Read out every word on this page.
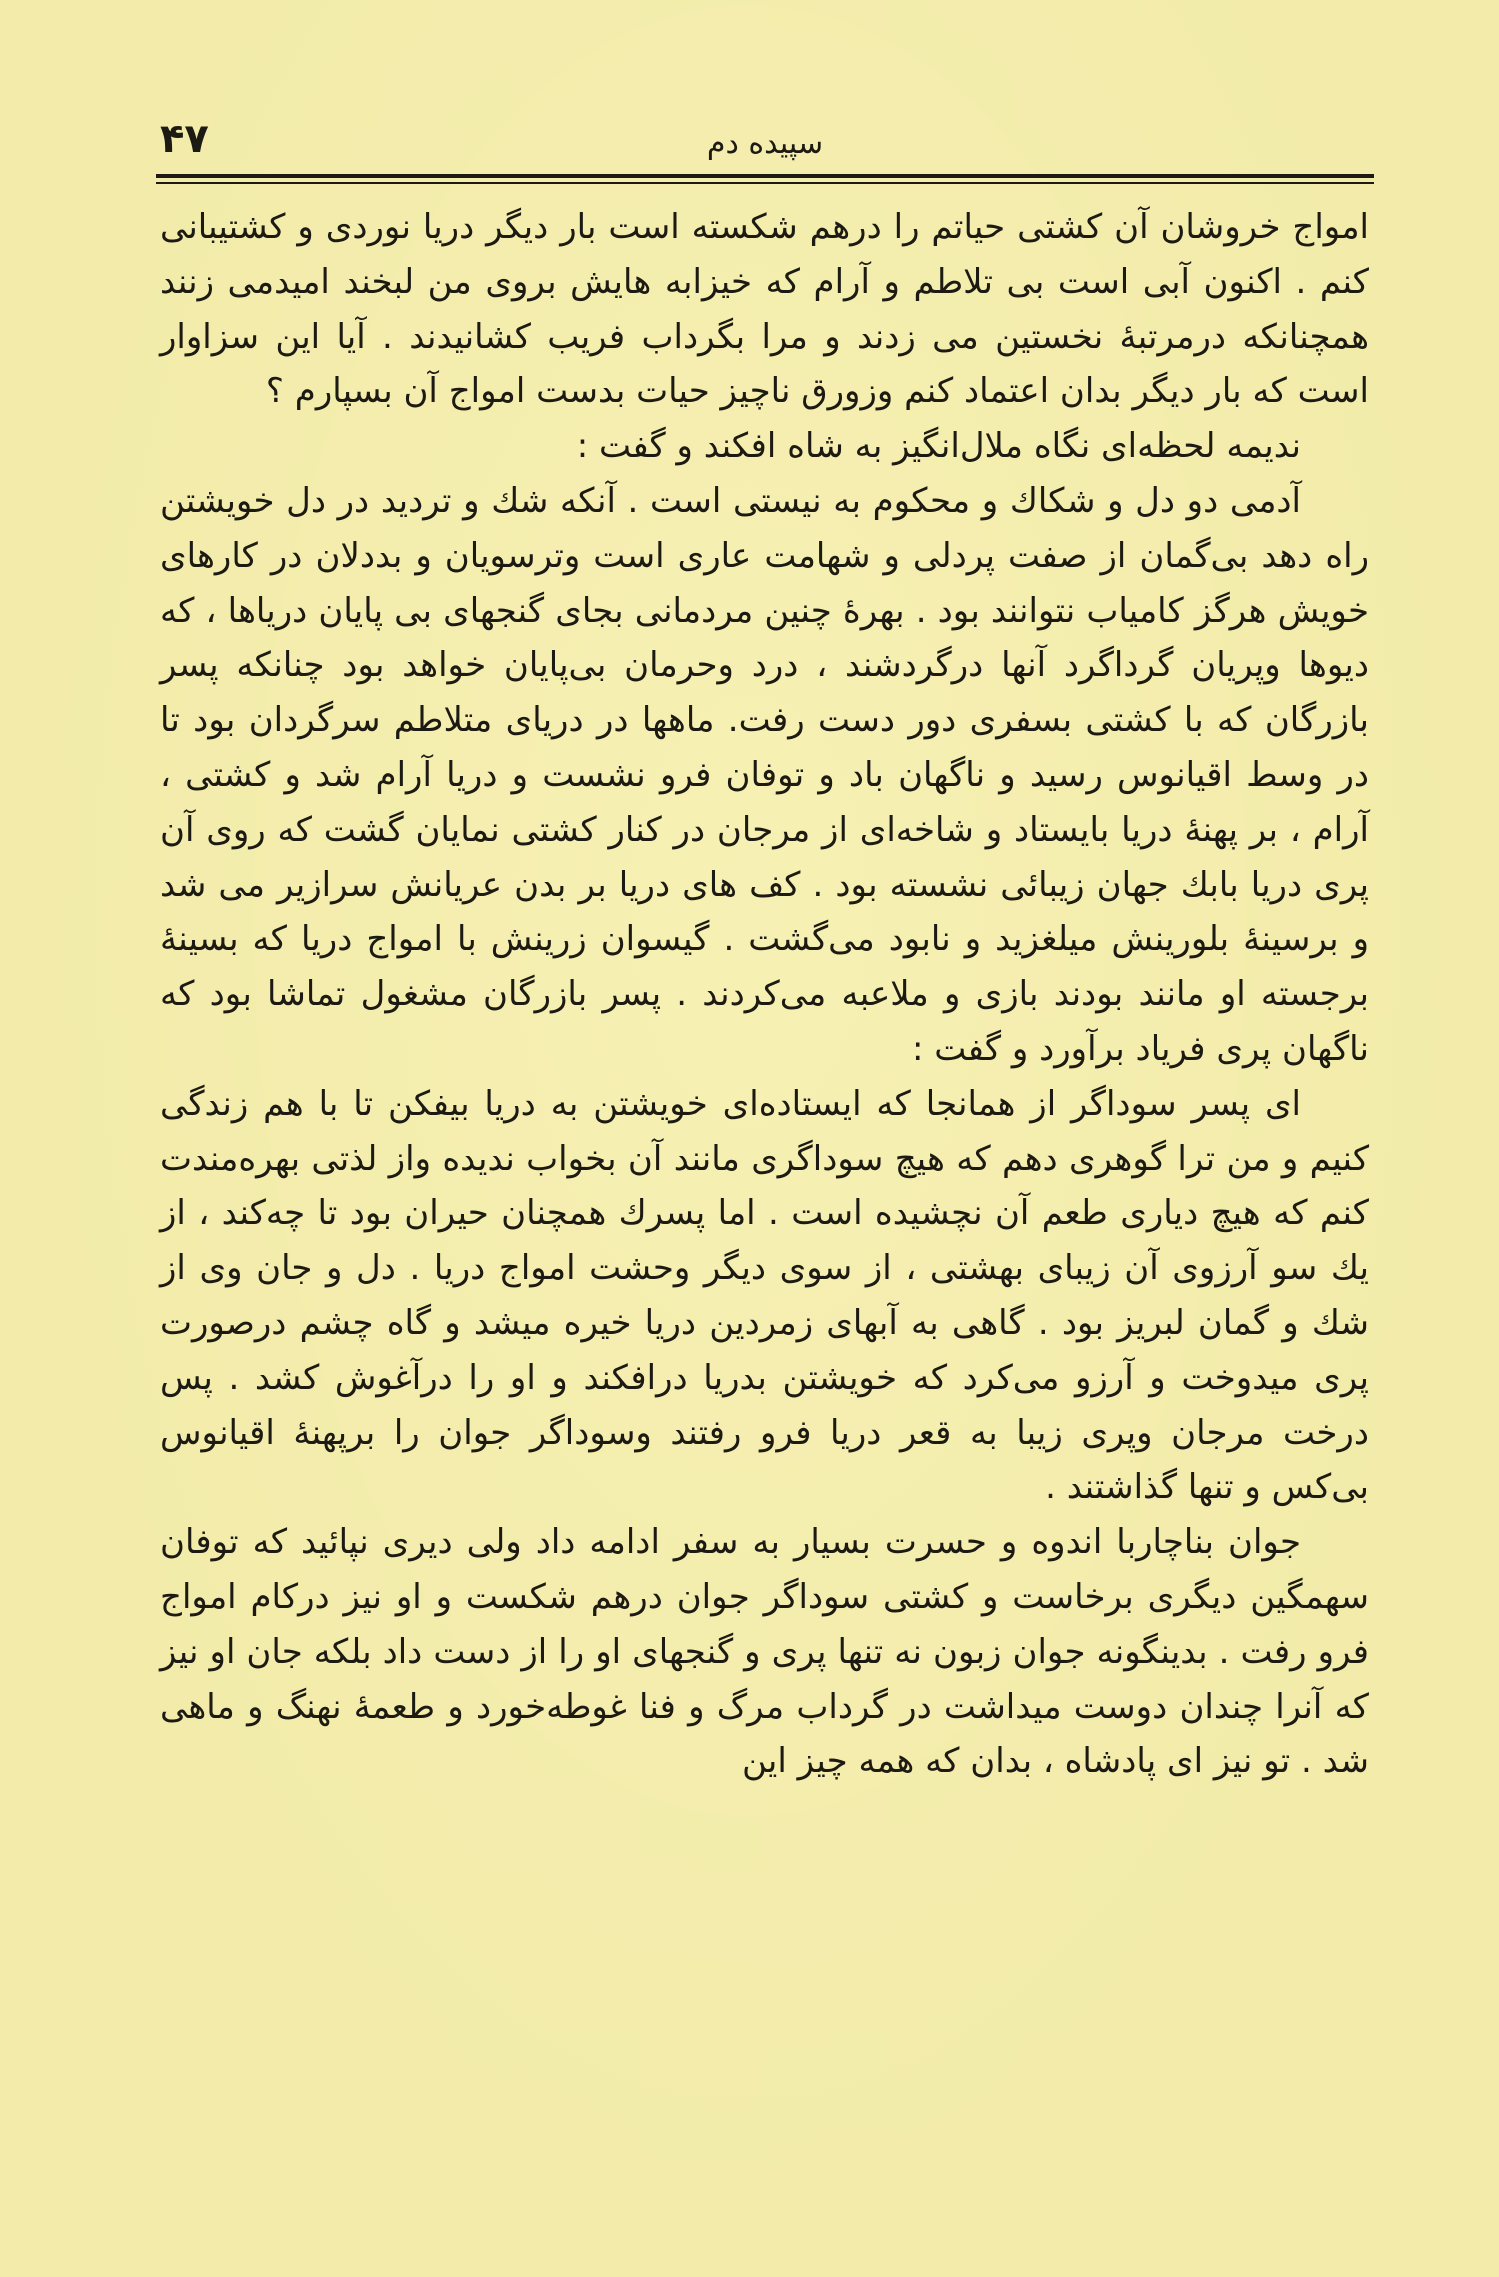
سپیده دم
۴۷

امواج خروشان آن کشتی حیاتم را درهم شکسته است بار دیگر دریا نوردی و کشتیبانی کنم . اکنون آبی است بی تلاطم و آرام که خیزابه هایش بروی من لبخند امیدمی زنند همچنانکه درمرتبهٔ نخستین می زدند و مرا بگرداب فریب کشانیدند . آیا این سزاوار است که بار دیگر بدان اعتماد کنم وزورق ناچیز حیات بدست امواج آن بسپارم ؟

ندیمه لحظه‌ای نگاه ملال‌انگیز به شاه افکند و گفت :

آدمی دو دل و شکاك و محکوم به نیستی است . آنکه شك و تردید در دل خویشتن راه دهد بی‌گمان از صفت پردلی و شهامت عاری است وترسویان و بددلان در کارهای خویش هرگز کامیاب نتوانند بود . بهرهٔ چنین مردمانی بجای گنجهای بی پایان دریاها ، که دیوها وپریان گرداگرد آنها درگردشند ، درد وحرمان بی‌پایان خواهد بود چنانکه پسر بازرگان که با کشتی بسفری دور دست رفت. ماهها در دریای متلاطم سرگردان بود تا در وسط اقیانوس رسید و ناگهان باد و توفان فرو نشست و دریا آرام شد و کشتی ، آرام ، بر پهنهٔ دریا بایستاد و شاخه‌ای از مرجان در کنار کشتی نمایان گشت که روی آن پری دریا بابك جهان زیبائی نشسته بود . کف های دریا بر بدن عریانش سرازیر می شد و برسینهٔ بلورینش میلغزید و نابود می‌گشت . گیسوان زرینش با امواج دریا که بسینهٔ برجسته او مانند بودند بازی و ملاعبه می‌کردند . پسر بازرگان مشغول تماشا بود که ناگهان پری فریاد برآورد و گفت :

ای پسر سوداگر از همانجا که ایستاده‌ای خویشتن به دریا بیفکن تا با هم زندگی کنیم و من ترا گوهری دهم که هیچ سوداگری مانند آن بخواب ندیده واز لذتی بهره‌مندت کنم که هیچ دیاری طعم آن نچشیده است . اما پسرك همچنان حیران بود تا چه‌کند ، از یك سو آرزوی آن زیبای بهشتی ، از سوی دیگر وحشت امواج دریا . دل و جان وی از شك و گمان لبریز بود . گاهی به آبهای زمردین دریا خیره میشد و گاه چشم درصورت پری میدوخت و آرزو می‌کرد که خویشتن بدریا درافکند و او را درآغوش کشد . پس درخت مرجان وپری زیبا به قعر دریا فرو رفتند وسوداگر جوان را برپهنهٔ اقیانوس بی‌کس و تنها گذاشتند .

جوان بناچاربا اندوه و حسرت بسیار به سفر ادامه داد ولی دیری نپائید که توفان سهمگین دیگری برخاست و کشتی سوداگر جوان درهم شکست و او نیز درکام امواج فرو رفت . بدینگونه جوان زبون نه تنها پری و گنجهای او را از دست داد بلکه جان او نیز که آنرا چندان دوست میداشت در گرداب مرگ و فنا غوطه‌خورد و طعمهٔ نهنگ و ماهی شد . تو نیز ای پادشاه ، بدان که همه چیز این
